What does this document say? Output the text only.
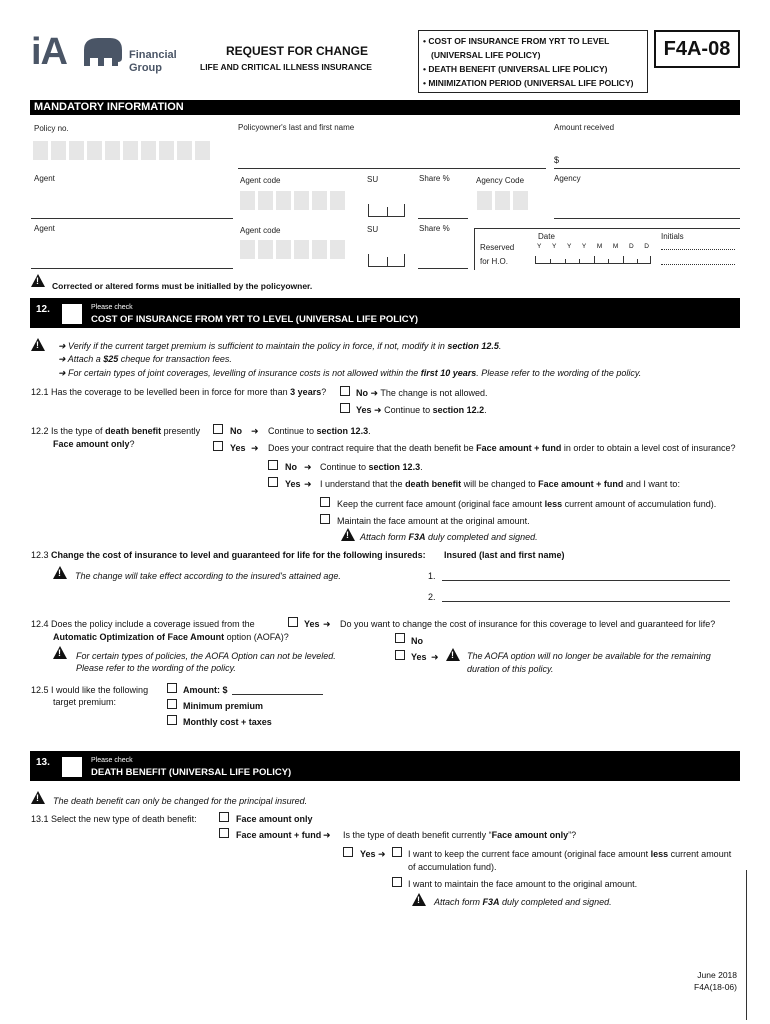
iA	Financial
Group
REQUEST FOR CHANGE
LIFE AND CRITICAL ILLNESS INSURANCE
• COST OF INSURANCE FROM YRT TO LEVEL
(UNIVERSAL LIFE POLICY)
• DEATH BENEFIT (UNIVERSAL LIFE POLICY)
• MINIMIZATION PERIOD (UNIVERSAL LIFE POLICY)
F4A-08
MANDATORY INFORMATION
Policy no.	Policyowner's last and first name	Amount received
$
Agent	Agent code	SU	Share %	Agency Code	Agency
Agent	Agent code	SU	Share %
Reserved
for H.O.
Date
Y Y Y Y M M D D
Initials
!
Corrected or altered forms must be initialled by the policyowner.
12.	Please check
COST OF INSURANCE FROM YRT TO LEVEL (UNIVERSAL LIFE POLICY)
!
➜ Verify if the current target premium is sufficient to maintain the policy in force, if not, modify it in section 12.5.
➜ Attach a $25 cheque for transaction fees.
➜ For certain types of joint coverages, levelling of insurance costs is not allowed within the first 10 years. Please refer to the wording of the policy.
12.1 Has the coverage to be levelled been in force for more than 3 years?	No ➜ The change is not allowed.
Yes ➜ Continue to section 12.2.
12.2 Is the type of death benefit presently
Face amount only?
No ➜ Continue to section 12.3.
Yes ➜ Does your contract require that the death benefit be Face amount + fund in order to obtain a level cost of insurance?
No ➜ Continue to section 12.3.
Yes ➜ I understand that the death benefit will be changed to Face amount + fund and I want to:
Keep the current face amount (original face amount less current amount of accumulation fund).
Maintain the face amount at the original amount.
!
Attach form F3A duly completed and signed.
12.3 Change the cost of insurance to level and guaranteed for life for the following insureds: Insured (last and first name)
!
The change will take effect according to the insured's attained age.	1.
2.
12.4 Does the policy include a coverage issued from the
Automatic Optimization of Face Amount option (AOFA)?
Yes ➜ Do you want to change the cost of insurance for this coverage to level and guaranteed for life?
No
!
For certain types of policies, the AOFA Option can not be leveled.
Please refer to the wording of the policy.
Yes ➜ !	The AOFA option will no longer be available for the remaining
duration of this policy.
12.5 I would like the following
target premium:
Amount: $
Minimum premium
Monthly cost + taxes
13.	Please check
DEATH BENEFIT (UNIVERSAL LIFE POLICY)
!
The death benefit can only be changed for the principal insured.
13.1 Select the new type of death benefit:	Face amount only
Face amount + fund ➜ Is the type of death benefit currently “Face amount only”?
Yes ➜ I want to keep the current face amount (original face amount less current amount
of accumulation fund).
I want to maintain the face amount to the original amount.
!
Attach form F3A duly completed and signed.
June 2018
F4A(18-06)
